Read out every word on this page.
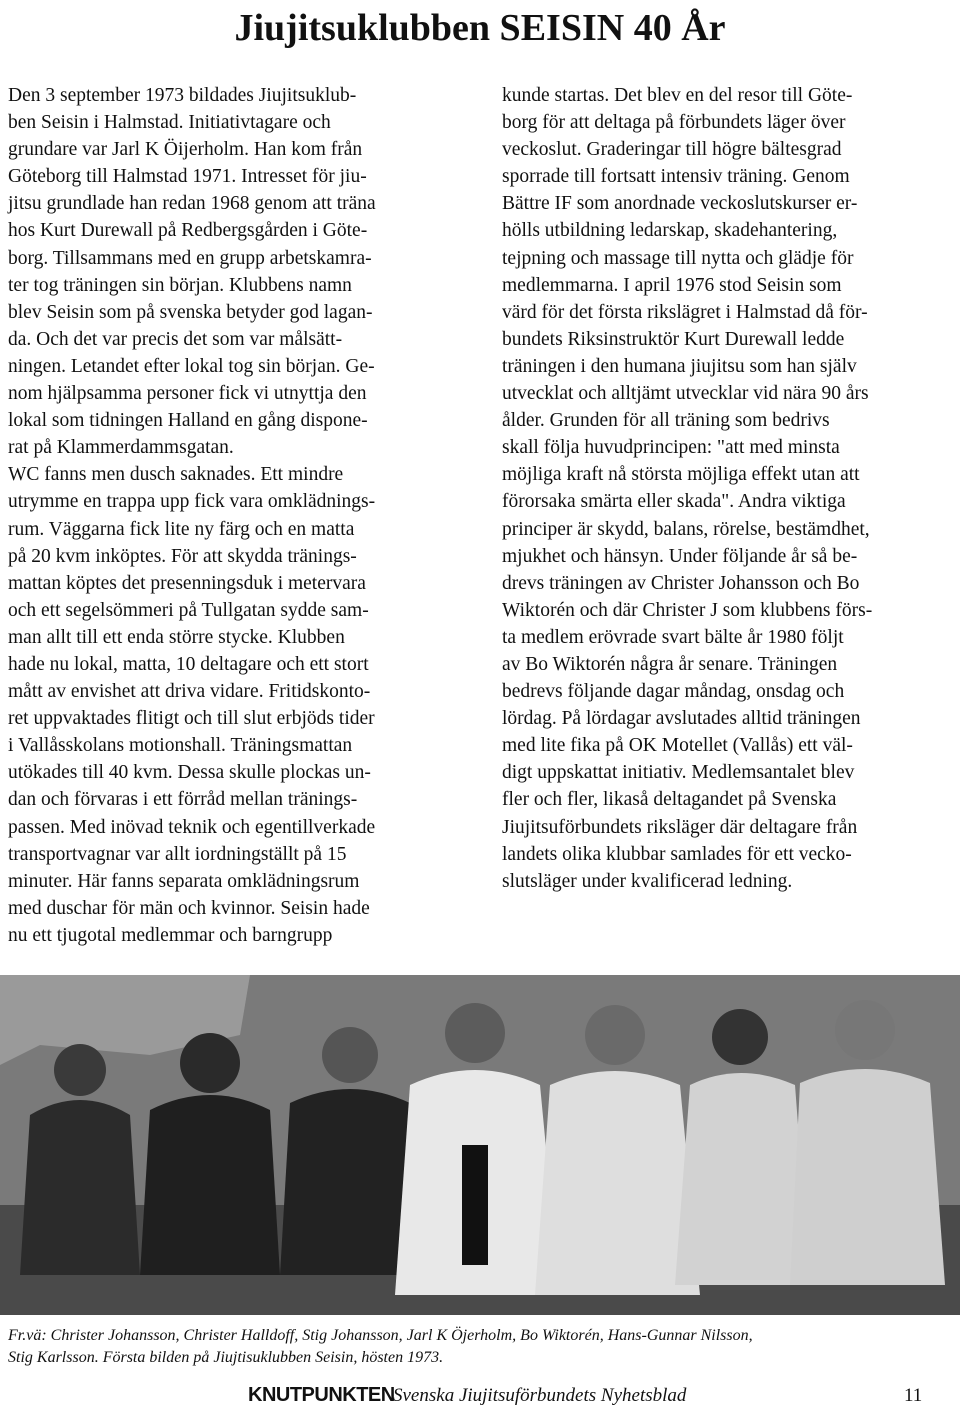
Jiujitsuklubben SEISIN 40 År

Den 3 september 1973 bildades Jiujitsuklub-

ben Seisin i Halmstad. Initiativtagare och

grundare var Jarl K Öijerholm. Han kom från

Göteborg till Halmstad 1971. Intresset för jiu-

jitsu grundlade han redan 1968 genom att träna

hos Kurt Durewall på Redbergsgården i Göte-

borg. Tillsammans med en grupp arbetskamra-

ter tog träningen sin början. Klubbens namn

blev Seisin som på svenska betyder god lagan-

da. Och det var precis det som var målsätt-

ningen. Letandet efter lokal tog sin början. Ge-

nom hjälpsamma personer fick vi utnyttja den

lokal som tidningen Halland en gång dispone-

rat på Klammerdammsgatan.

WC fanns men dusch saknades. Ett mindre

utrymme en trappa upp fick vara omklädnings-

rum. Väggarna fick lite ny färg och en matta

på 20 kvm inköptes. För att skydda tränings-

mattan köptes det presenningsduk i metervara

och ett segelsömmeri på Tullgatan sydde sam-

man allt till ett enda större stycke. Klubben

hade nu lokal, matta, 10 deltagare och ett stort

mått av envishet att driva vidare. Fritidskonto-

ret uppvaktades flitigt och till slut erbjöds tider

i Vallåsskolans motionshall. Träningsmattan

utökades till 40 kvm. Dessa skulle plockas un-

dan och förvaras i ett förråd mellan tränings-

passen. Med inövad teknik och egentillverkade

transportvagnar var allt iordningställt på 15

minuter. Här fanns separata omklädningsrum

med duschar för män och kvinnor. Seisin hade

nu ett tjugotal medlemmar och barngrupp

kunde startas. Det blev en del resor till Göte-

borg för att deltaga på förbundets läger över

veckoslut. Graderingar till högre bältesgrad

sporrade till fortsatt intensiv träning. Genom

Bättre IF som anordnade veckoslutskurser er-

hölls utbildning ledarskap, skadehantering,

tejpning och massage till nytta och glädje för

medlemmarna. I april 1976 stod Seisin som

värd för det första rikslägret i Halmstad då för-

bundets Riksinstruktör Kurt Durewall ledde

träningen i den humana jiujitsu som han själv

utvecklat och alltjämt utvecklar vid nära 90 års

ålder. Grunden för all träning som bedrivs

skall följa huvudprincipen: "att med minsta

möjliga kraft nå största möjliga effekt utan att

förorsaka smärta eller skada". Andra viktiga

principer är skydd, balans, rörelse, bestämdhet,

mjukhet och hänsyn. Under följande år så be-

drevs träningen av Christer Johansson och Bo

Wiktorén och där Christer J som klubbens förs-

ta medlem erövrade svart bälte år 1980 följt

av Bo Wiktorén några år senare. Träningen

bedrevs följande dagar måndag, onsdag och

lördag. På lördagar avslutades alltid träningen

med lite fika på OK Motellet (Vallås) ett väl-

digt uppskattat initiativ. Medlemsantalet blev

fler och fler, likaså deltagandet på Svenska

Jiujitsuförbundets riksläger där deltagare från

landets olika klubbar samlades för ett vecko-

slutsläger under kvalificerad ledning.

Fr.vä: Christer Johansson, Christer Halldoff, Stig Johansson, Jarl K Öjerholm, Bo Wiktorén, Hans-Gunnar Nilsson,
Stig Karlsson. Första bilden på Jiujtisuklubben Seisin, hösten 1973.
KNUTPUNKTEN
Svenska Jiujitsuförbundets Nyhetsblad	11
